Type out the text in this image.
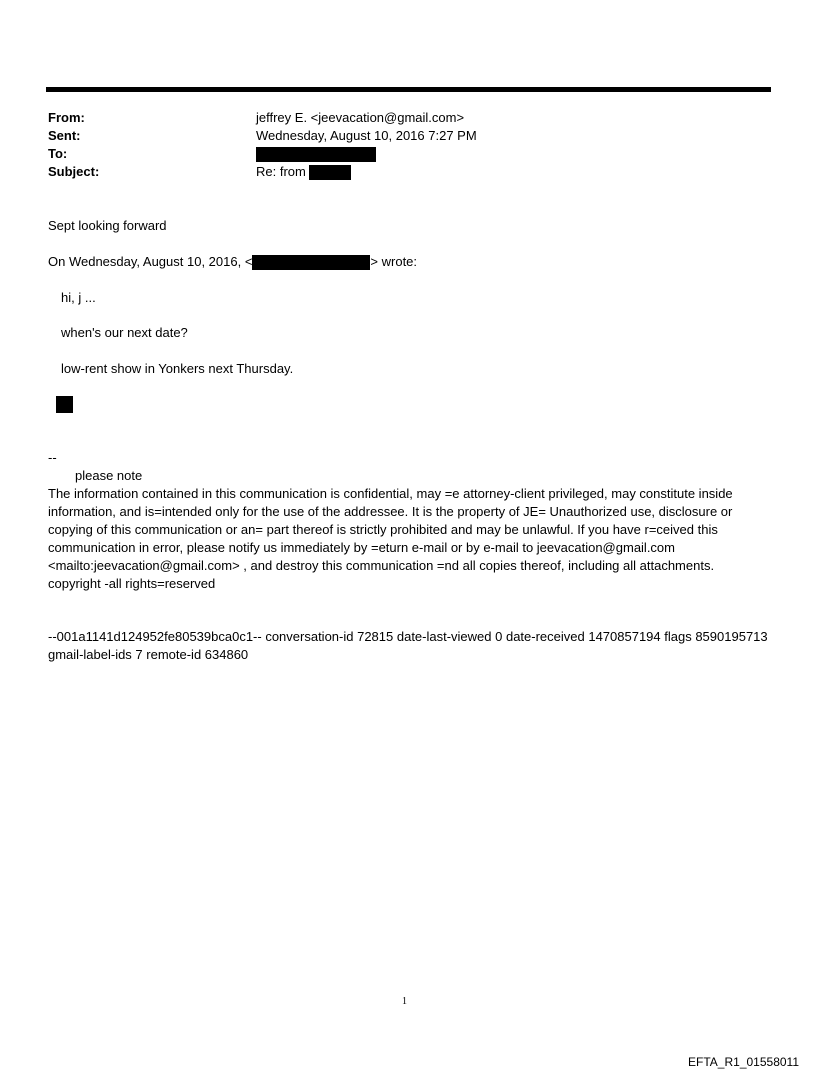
From:
Sent:
To:
Subject:
jeffrey E. <jeevacation@gmail.com>
Wednesday, August 10, 2016 7:27 PM
Re: from
Sept looking forward
On Wednesday, August 10, 2016, <	> wrote:
hi, j ...
when's our next date?
low-rent show in Yonkers next Thursday.
--
please note
The information contained in this communication is confidential, may =e attorney-client privileged, may constitute inside information, and is=intended only for the use of the addressee. It is the property of JE= Unauthorized use, disclosure or copying of this communication or an= part thereof is strictly prohibited and may be unlawful. If you have r=ceived this communication in error, please notify us immediately by =eturn e-mail or by e-mail to jeevacation@gmail.com <mailto:jeevacation@gmail.com> , and destroy this communication =nd all copies thereof, including all attachments. copyright -all rights=reserved
--001a1141d124952fe80539bca0c1-- conversation-id 72815 date-last-viewed 0 date-received 1470857194 flags 8590195713 gmail-label-ids 7 remote-id 634860
1
EFTA_R1_01558011
